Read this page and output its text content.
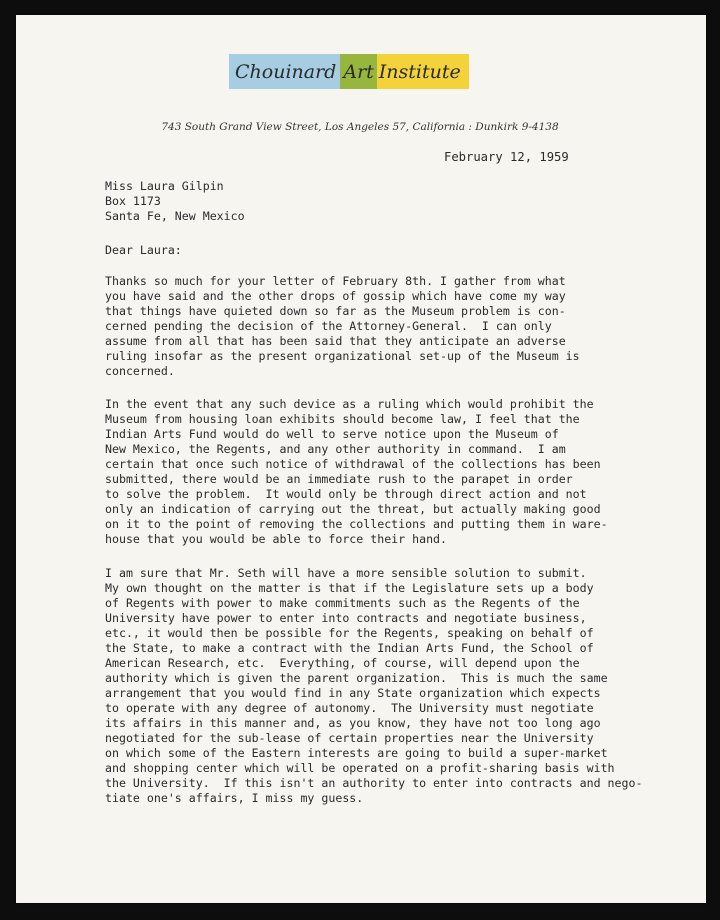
Chouinard Art Institute
743 South Grand View Street, Los Angeles 57, California : Dunkirk 9-4138
February 12, 1959
Miss Laura Gilpin
Box 1173
Santa Fe, New Mexico
Dear Laura:
Thanks so much for your letter of February 8th. I gather from what
you have said and the other drops of gossip which have come my way
that things have quieted down so far as the Museum problem is con-
cerned pending the decision of the Attorney-General.  I can only
assume from all that has been said that they anticipate an adverse
ruling insofar as the present organizational set-up of the Museum is
concerned.
In the event that any such device as a ruling which would prohibit the
Museum from housing loan exhibits should become law, I feel that the
Indian Arts Fund would do well to serve notice upon the Museum of
New Mexico, the Regents, and any other authority in command.  I am
certain that once such notice of withdrawal of the collections has been
submitted, there would be an immediate rush to the parapet in order
to solve the problem.  It would only be through direct action and not
only an indication of carrying out the threat, but actually making good
on it to the point of removing the collections and putting them in ware-
house that you would be able to force their hand.
I am sure that Mr. Seth will have a more sensible solution to submit.
My own thought on the matter is that if the Legislature sets up a body
of Regents with power to make commitments such as the Regents of the
University have power to enter into contracts and negotiate business,
etc., it would then be possible for the Regents, speaking on behalf of
the State, to make a contract with the Indian Arts Fund, the School of
American Research, etc.  Everything, of course, will depend upon the
authority which is given the parent organization.  This is much the same
arrangement that you would find in any State organization which expects
to operate with any degree of autonomy.  The University must negotiate
its affairs in this manner and, as you know, they have not too long ago
negotiated for the sub-lease of certain properties near the University
on which some of the Eastern interests are going to build a super-market
and shopping center which will be operated on a profit-sharing basis with
the University.  If this isn't an authority to enter into contracts and nego-
tiate one's affairs, I miss my guess.
